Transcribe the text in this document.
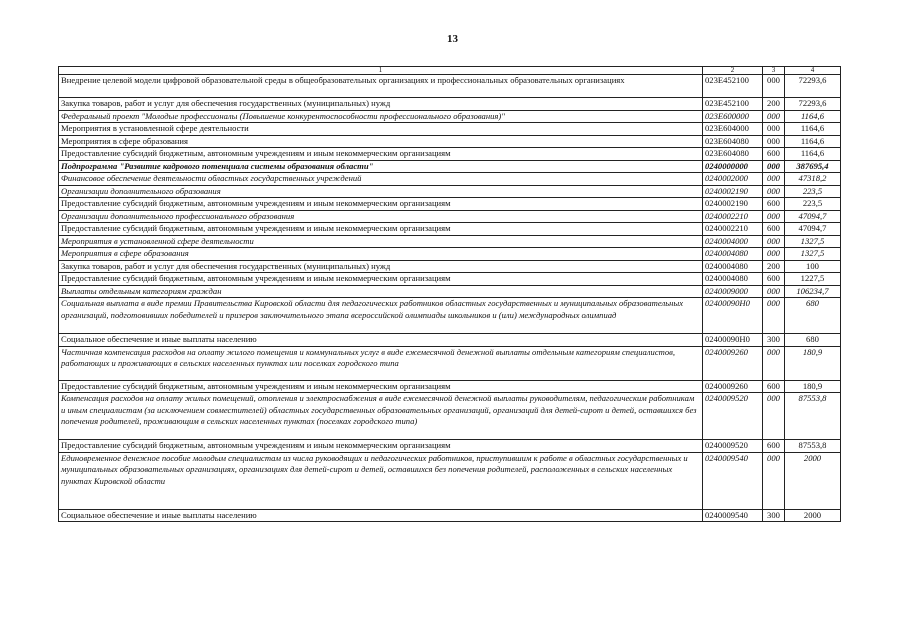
13
1	2	3	4
Внедрение целевой модели цифровой образовательной среды в общеобразовательных организациях и профессиональных образовательных организациях	023E452100	000	72293,6
Закупка товаров, работ и услуг для обеспечения государственных (муниципальных) нужд	023E452100	200	72293,6
Федеральный проект "Молодые профессионалы (Повышение конкурентоспособности профессионального образования)"	023E600000	000	1164,6
Мероприятия в установленной сфере деятельности	023E604000	000	1164,6
Мероприятия в сфере образования	023E604080	000	1164,6
Предоставление субсидий бюджетным, автономным учреждениям и иным некоммерческим организациям	023E604080	600	1164,6
Подпрограмма "Развитие кадрового потенциала системы образования области"	0240000000	000	387695,4
Финансовое обеспечение деятельности областных государственных учреждений	0240002000	000	47318,2
Организации дополнительного образования	0240002190	000	223,5
Предоставление субсидий бюджетным, автономным учреждениям и иным некоммерческим организациям	0240002190	600	223,5
Организации дополнительного профессионального образования	0240002210	000	47094,7
Предоставление субсидий бюджетным, автономным учреждениям и иным некоммерческим организациям	0240002210	600	47094,7
Мероприятия в установленной сфере деятельности	0240004000	000	1327,5
Мероприятия в сфере образования	0240004080	000	1327,5
Закупка товаров, работ и услуг для обеспечения государственных (муниципальных) нужд	0240004080	200	100
Предоставление субсидий бюджетным, автономным учреждениям и иным некоммерческим организациям	0240004080	600	1227,5
Выплаты отдельным категориям граждан	0240009000	000	106234,7
Социальная выплата в виде премии Правительства Кировской области для педагогических работников областных государственных и муниципальных образовательных организаций, подготовивших победителей и призеров заключительного этапа всероссийской олимпиады школьников и (или) международных олимпиад	02400090Н0	000	680
Социальное обеспечение и иные выплаты населению	02400090Н0	300	680
Частичная компенсация расходов на оплату жилого помещения и коммунальных услуг в виде ежемесячной денежной выплаты отдельным категориям специалистов, работающих и проживающих в сельских населенных пунктах или поселках городского типа	0240009260	000	180,9
Предоставление субсидий бюджетным, автономным учреждениям и иным некоммерческим организациям	0240009260	600	180,9
Компенсация расходов на оплату жилых помещений, отопления и электроснабжения в виде ежемесячной денежной выплаты руководителям, педагогическим работникам и иным специалистам (за исключением совместителей) областных государственных образовательных организаций, организаций для детей-сирот и детей, оставшихся без попечения родителей, проживающим в сельских населенных пунктах (поселках городского типа)	0240009520	000	87553,8
Предоставление субсидий бюджетным, автономным учреждениям и иным некоммерческим организациям	0240009520	600	87553,8
Единовременное денежное пособие молодым специалистам из числа руководящих и педагогических работников, приступившим к работе в областных государственных и муниципальных образовательных организациях, организациях для детей-сирот и детей, оставшихся без попечения родителей, расположенных в сельских населенных пунктах Кировской области	0240009540	000	2000
Социальное обеспечение и иные выплаты населению	0240009540	300	2000
